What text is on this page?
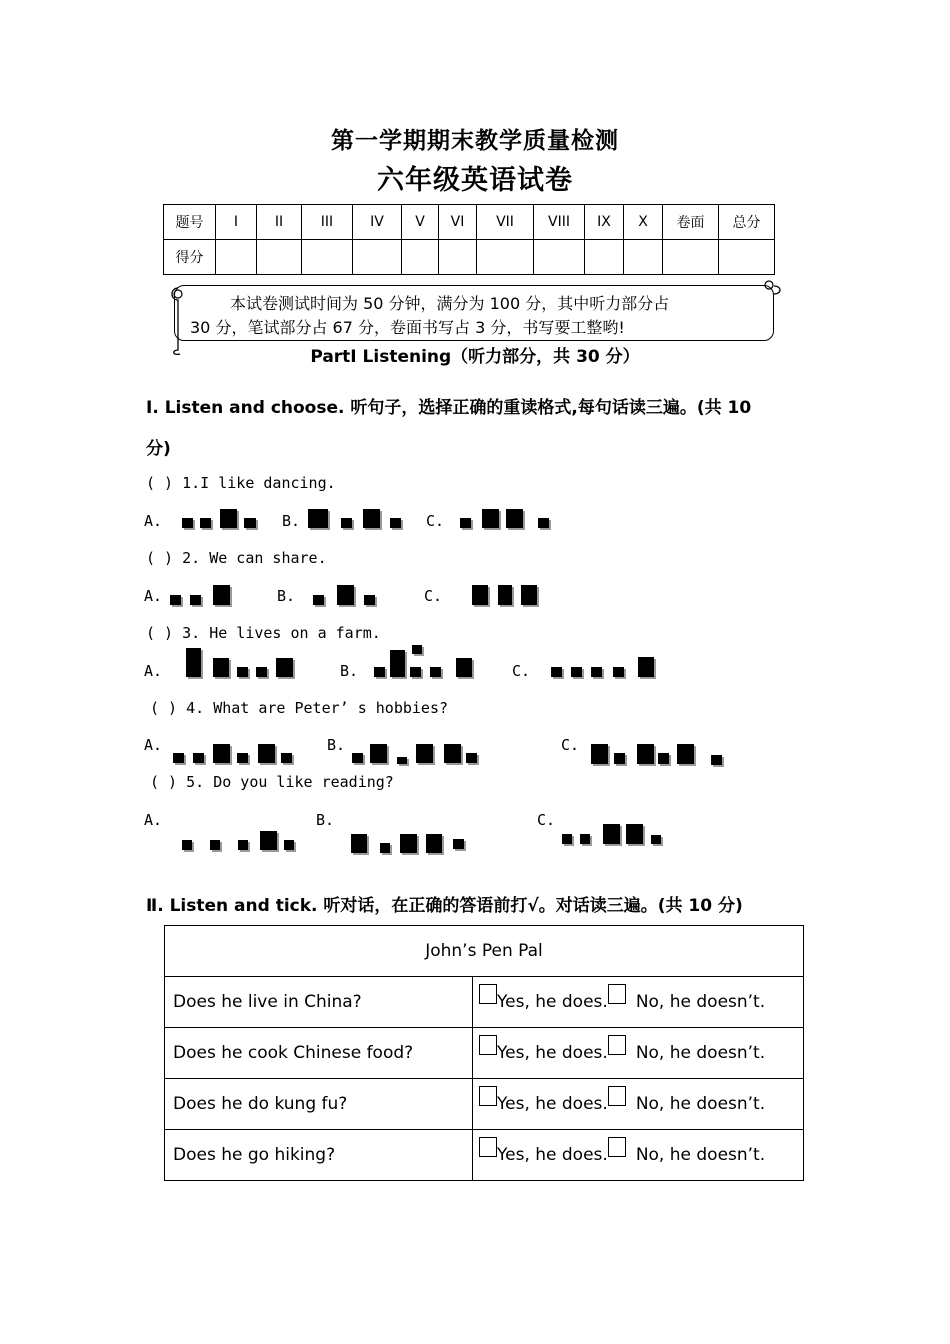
第一学期期末教学质量检测
六年级英语试卷
题号	I	II	III	IV	V	VI	VII	VIII	IX	X	卷面	总分
得分												
本试卷测试时间为 50 分钟，满分为 100 分，其中听力部分占
30 分，笔试部分占 67 分，卷面书写占 3 分，书写要工整哟!
PartⅠ Listening（听力部分，共 30 分）
Ⅰ. Listen and choose. 听句子，选择正确的重读格式,每句话读三遍。(共 10
分)
( ) 1.I like dancing.
A.	B.	C.
( ) 2. We can share.
A.	B.	C.
( ) 3. He lives on a farm.
A.	B.	C.
( ) 4. What are Peter’ s hobbies?
A.	B.	C.
( ) 5. Do you like reading?
A.	B.	C.
Ⅱ. Listen and tick. 听对话，在正确的答语前打√。对话读三遍。(共 10 分)
John’s Pen Pal	
Does he live in China?	Yes, he does. No, he doesn’t.
Does he cook Chinese food?	Yes, he does. No, he doesn’t.
Does he do kung fu?	Yes, he does. No, he doesn’t.
Does he go hiking?	Yes, he does. No, he doesn’t.
